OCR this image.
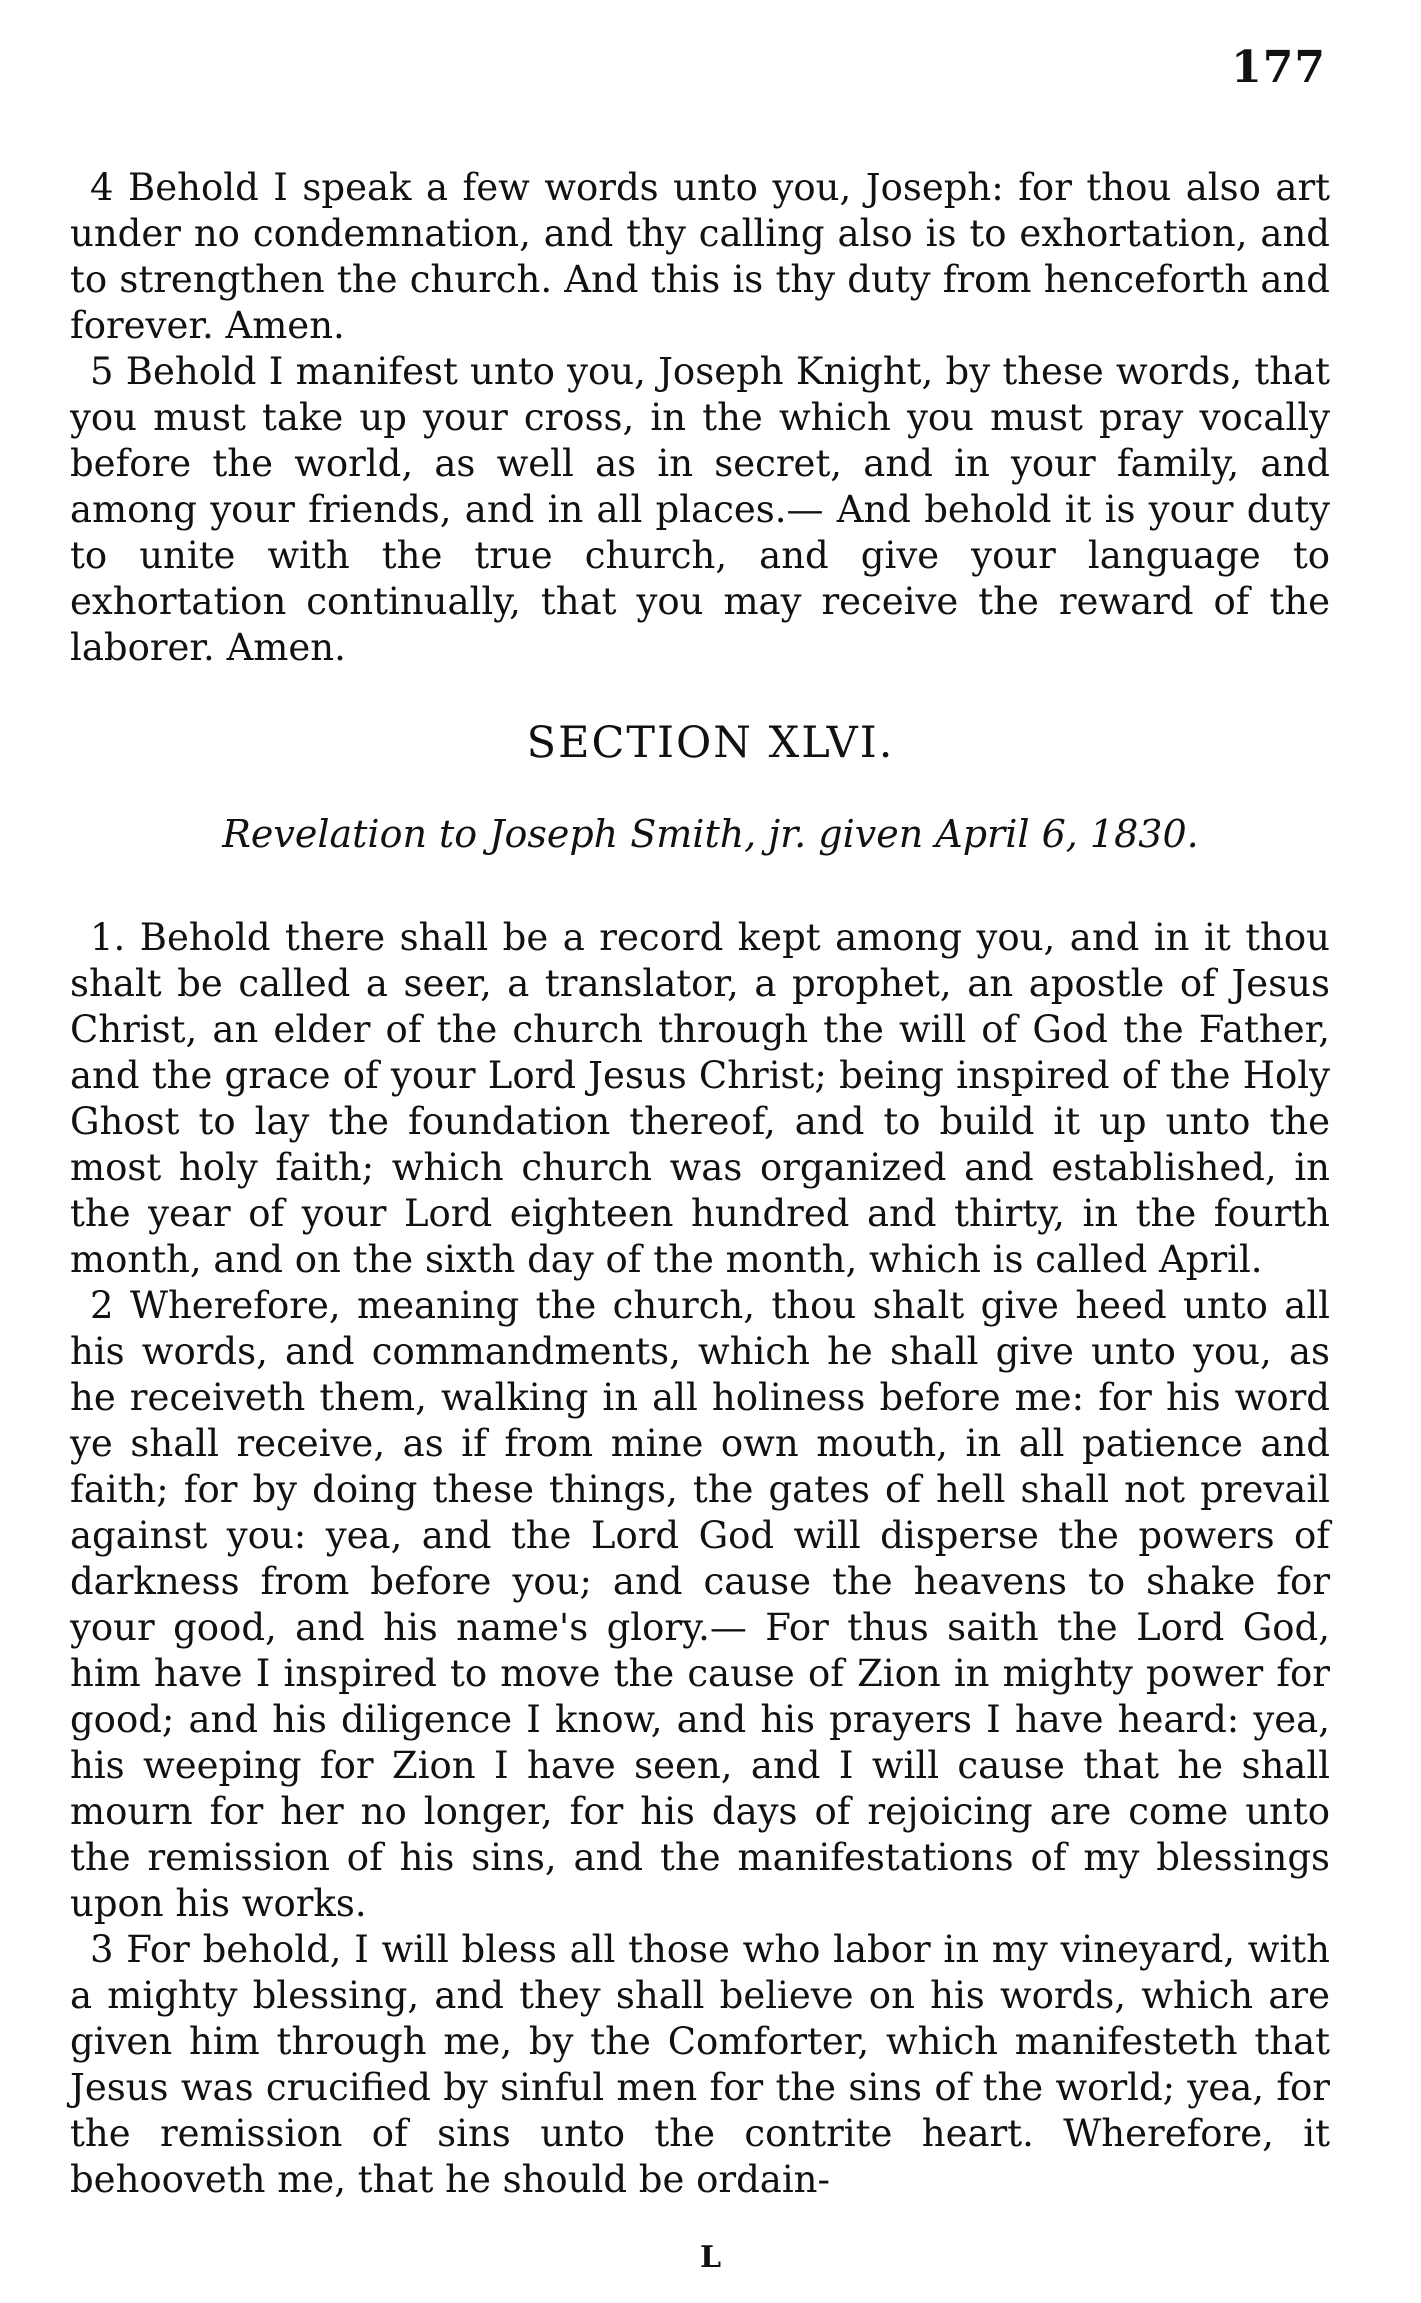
177

4 Behold I speak a few words unto you, Joseph: for thou also art under no condemnation, and thy calling also is to exhortation, and to strengthen the church. And this is thy duty from henceforth and forever. Amen.

5 Behold I manifest unto you, Joseph Knight, by these words, that you must take up your cross, in the which you must pray vocally before the world, as well as in secret, and in your family, and among your friends, and in all places.— And behold it is your duty to unite with the true church, and give your language to exhortation continually, that you may receive the reward of the laborer. Amen.

SECTION XLVI.
Revelation to Joseph Smith, jr. given April 6, 1830.

1. Behold there shall be a record kept among you, and in it thou shalt be called a seer, a translator, a prophet, an apostle of Jesus Christ, an elder of the church through the will of God the Father, and the grace of your Lord Jesus Christ; being inspired of the Holy Ghost to lay the foundation thereof, and to build it up unto the most holy faith; which church was organized and established, in the year of your Lord eighteen hundred and thirty, in the fourth month, and on the sixth day of the month, which is called April.

2 Wherefore, meaning the church, thou shalt give heed unto all his words, and commandments, which he shall give unto you, as he receiveth them, walking in all holiness before me: for his word ye shall receive, as if from mine own mouth, in all patience and faith; for by doing these things, the gates of hell shall not prevail against you: yea, and the Lord God will disperse the powers of darkness from before you; and cause the heavens to shake for your good, and his name's glory.— For thus saith the Lord God, him have I inspired to move the cause of Zion in mighty power for good; and his diligence I know, and his prayers I have heard: yea, his weeping for Zion I have seen, and I will cause that he shall mourn for her no longer, for his days of rejoicing are come unto the remission of his sins, and the manifestations of my blessings upon his works.

3 For behold, I will bless all those who labor in my vineyard, with a mighty blessing, and they shall believe on his words, which are given him through me, by the Comforter, which manifesteth that Jesus was crucified by sinful men for the sins of the world; yea, for the remission of sins unto the contrite heart. Wherefore, it behooveth me, that he should be ordain-

L
